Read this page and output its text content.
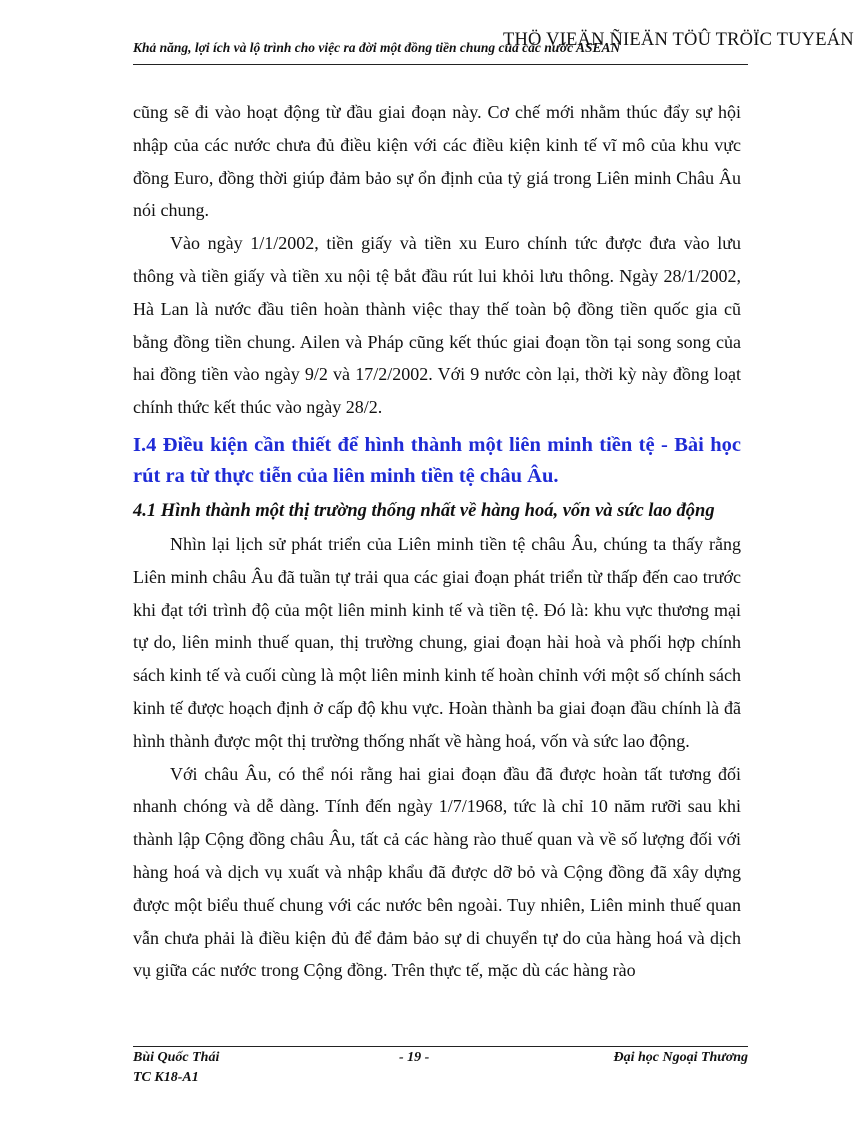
Khả năng, lợi ích và lộ trình cho việc ra đời một đồng tiền chung của các nước ASEAN
THÖ VIEÄN ÑIEÄN TÖÛ TRÖÏC TUYEÁN

cũng sẽ đi vào hoạt động từ đầu giai đoạn này. Cơ chế mới nhằm thúc đẩy sự hội nhập của các nước chưa đủ điều kiện với các điều kiện kinh tế vĩ mô của khu vực đồng Euro, đồng thời giúp đảm bảo sự ổn định của tỷ giá trong Liên minh Châu Âu nói chung.

Vào ngày 1/1/2002, tiền giấy và tiền xu Euro chính tức được đưa vào lưu thông và tiền giấy và tiền xu nội tệ bắt đầu rút lui khỏi lưu thông. Ngày 28/1/2002, Hà Lan là nước đầu tiên hoàn thành việc thay thế toàn bộ đồng tiền quốc gia cũ bằng đồng tiền chung. Ailen và Pháp cũng kết thúc giai đoạn tồn tại song song của hai đồng tiền vào ngày 9/2 và 17/2/2002. Với 9 nước còn lại, thời kỳ này đồng loạt chính thức kết thúc vào ngày 28/2.

I.4 Điều kiện cần thiết để hình thành một liên minh tiền tệ - Bài học rút ra từ thực tiễn của liên minh tiền tệ châu Âu.
4.1 Hình thành một thị trường thống nhất về hàng hoá, vốn và sức lao động

Nhìn lại lịch sử phát triển của Liên minh tiền tệ châu Âu, chúng ta thấy rằng Liên minh châu Âu đã tuần tự trải qua các giai đoạn phát triển từ thấp đến cao trước khi đạt tới trình độ của một liên minh kinh tế và tiền tệ. Đó là: khu vực thương mại tự do, liên minh thuế quan, thị trường chung, giai đoạn hài hoà và phối hợp chính sách kinh tế và cuối cùng là một liên minh kinh tế hoàn chỉnh với một số chính sách kinh tế được hoạch định ở cấp độ khu vực. Hoàn thành ba giai đoạn đầu chính là đã hình thành được một thị trường thống nhất về hàng hoá, vốn và sức lao động.

Với châu Âu, có thể nói rằng hai giai đoạn đầu đã được hoàn tất tương đối nhanh chóng và dễ dàng. Tính đến ngày 1/7/1968, tức là chỉ 10 năm rưỡi sau khi thành lập Cộng đồng châu Âu, tất cả các hàng rào thuế quan và về số lượng đối với hàng hoá và dịch vụ xuất và nhập khẩu đã được dỡ bỏ và Cộng đồng đã xây dựng được một biểu thuế chung với các nước bên ngoài. Tuy nhiên, Liên minh thuế quan vẫn chưa phải là điều kiện đủ để đảm bảo sự di chuyển tự do của hàng hoá và dịch vụ giữa các nước trong Cộng đồng. Trên thực tế, mặc dù các hàng rào

Bùi Quốc Thái
TC K18-A1
- 19 -	Đại học Ngoại Thương
